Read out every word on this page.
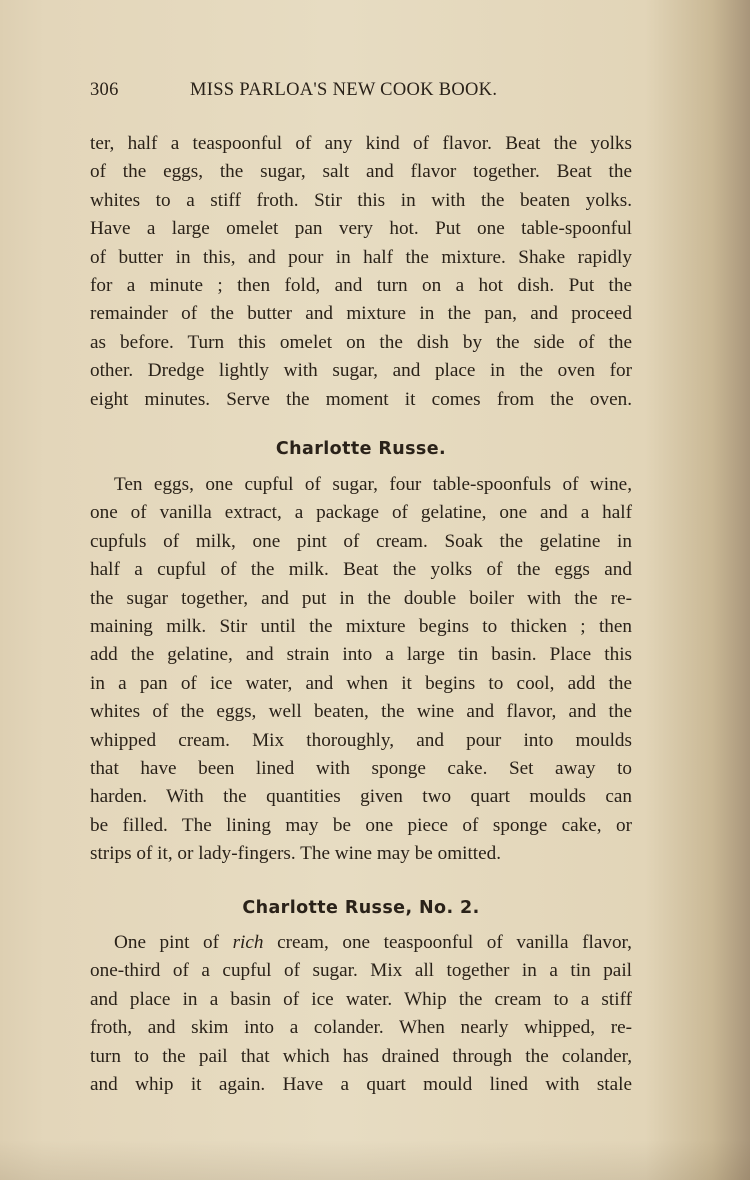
306	MISS PARLOA'S NEW COOK BOOK.
ter, half a teaspoonful of any kind of flavor. Beat the yolks
of the eggs, the sugar, salt and flavor together. Beat the
whites to a stiff froth. Stir this in with the beaten yolks.
Have a large omelet pan very hot. Put one table-spoonful
of butter in this, and pour in half the mixture. Shake rapidly
for a minute ; then fold, and turn on a hot dish. Put the
remainder of the butter and mixture in the pan, and proceed
as before. Turn this omelet on the dish by the side of the
other. Dredge lightly with sugar, and place in the oven for
eight minutes. Serve the moment it comes from the oven.
Charlotte Russe.
Ten eggs, one cupful of sugar, four table-spoonfuls of wine,
one of vanilla extract, a package of gelatine, one and a half
cupfuls of milk, one pint of cream. Soak the gelatine in
half a cupful of the milk. Beat the yolks of the eggs and
the sugar together, and put in the double boiler with the re-
maining milk. Stir until the mixture begins to thicken ; then
add the gelatine, and strain into a large tin basin. Place this
in a pan of ice water, and when it begins to cool, add the
whites of the eggs, well beaten, the wine and flavor, and the
whipped cream. Mix thoroughly, and pour into moulds
that have been lined with sponge cake. Set away to
harden. With the quantities given two quart moulds can
be filled. The lining may be one piece of sponge cake, or
strips of it, or lady-fingers. The wine may be omitted.
Charlotte Russe, No. 2.
One pint of rich cream, one teaspoonful of vanilla flavor,
one-third of a cupful of sugar. Mix all together in a tin pail
and place in a basin of ice water. Whip the cream to a stiff
froth, and skim into a colander. When nearly whipped, re-
turn to the pail that which has drained through the colander,
and whip it again. Have a quart mould lined with stale
